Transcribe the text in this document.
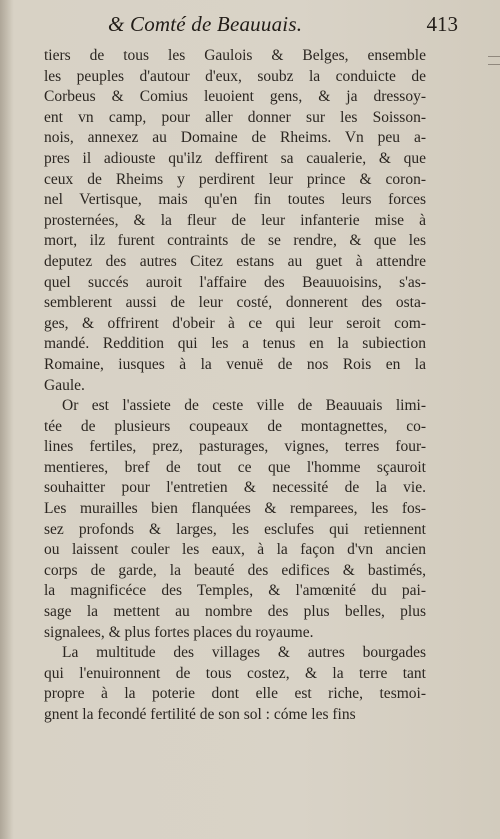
& Comté de Beauuais.	413
tiers de tous les Gaulois & Belges, ensemble
les peuples d'autour d'eux, soubz la conduicte de
Corbeus & Comius leuoient gens, & ja dressoy-
ent vn camp, pour aller donner sur les Soisson-
nois, annexez au Domaine de Rheims. Vn peu a-
pres il adiouste qu'ilz deffirent sa caualerie, & que
ceux de Rheims y perdirent leur prince & coron-
nel Vertisque, mais qu'en fin toutes leurs forces
prosternées, & la fleur de leur infanterie mise à
mort, ilz furent contraints de se rendre, & que les
deputez des autres Citez estans au guet à attendre
quel succés auroit l'affaire des Beauuoisins, s'as-
semblerent aussi de leur costé, donnerent des osta-
ges, & offrirent d'obeir à ce qui leur seroit com-
mandé. Reddition qui les a tenus en la subiection
Romaine, iusques à la venuë de nos Rois en la
Gaule.
Or est l'assiete de ceste ville de Beauuais limi-
tée de plusieurs coupeaux de montagnettes, co-
lines fertiles, prez, pasturages, vignes, terres four-
mentieres, bref de tout ce que l'homme sçauroit
souhaitter pour l'entretien & necessité de la vie.
Les murailles bien flanquées & remparees, les fos-
sez profonds & larges, les esclufes qui retiennent
ou laissent couler les eaux, à la façon d'vn ancien
corps de garde, la beauté des edifices & bastimés,
la magnificéce des Temples, & l'amœnité du pai-
sage la mettent au nombre des plus belles, plus
signalees, & plus fortes places du royaume.
La multitude des villages & autres bourgades
qui l'enuironnent de tous costez, & la terre tant
propre à la poterie dont elle est riche, tesmoi-
gnent la fecondé fertilité de son sol : cóme les fins
